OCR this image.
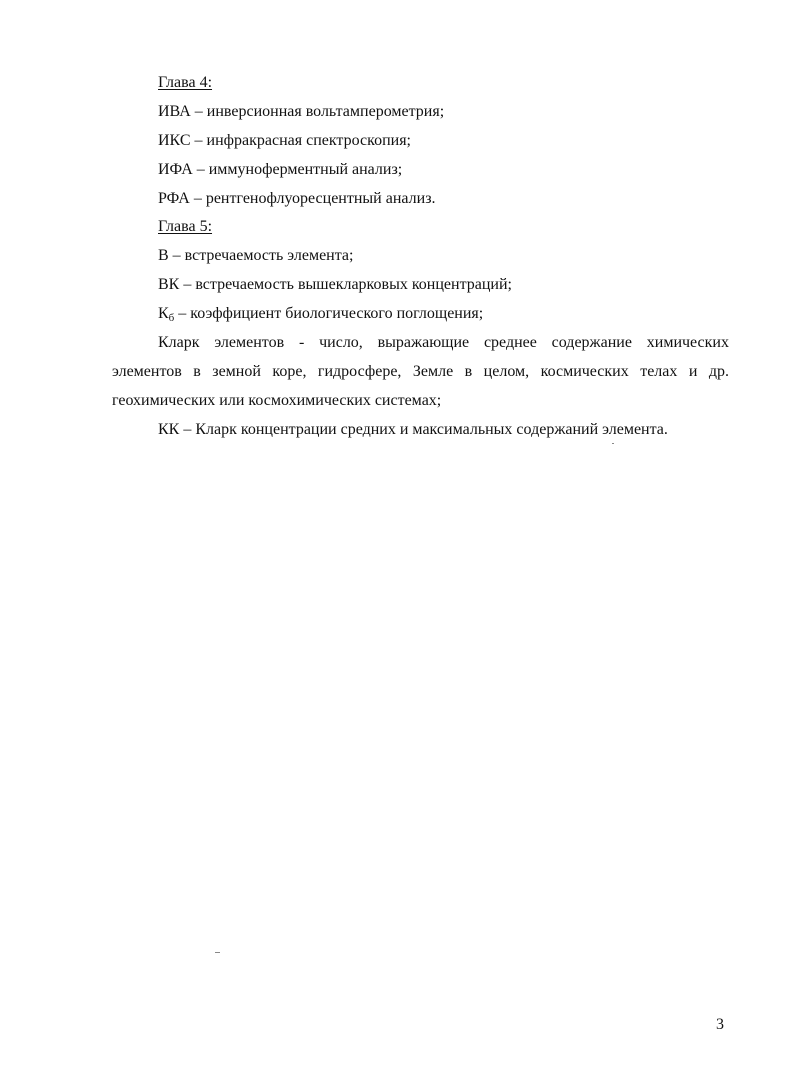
Глава 4:
ИВА – инверсионная вольтамперометрия;
ИКС – инфракрасная спектроскопия;
ИФА – иммуноферментный анализ;
РФА – рентгенофлуоресцентный анализ.
Глава 5:
В – встречаемость элемента;
ВК – встречаемость вышекларковых концентраций;
$К_б$ – коэффициент биологического поглощения;
Кларк элементов - число, выражающие среднее содержание химических
элементов в земной коре, гидросфере, Земле в целом, космических телах и др.
геохимических или космохимических системах;
КК – Кларк концентрации средних и максимальных содержаний элемента.
3
